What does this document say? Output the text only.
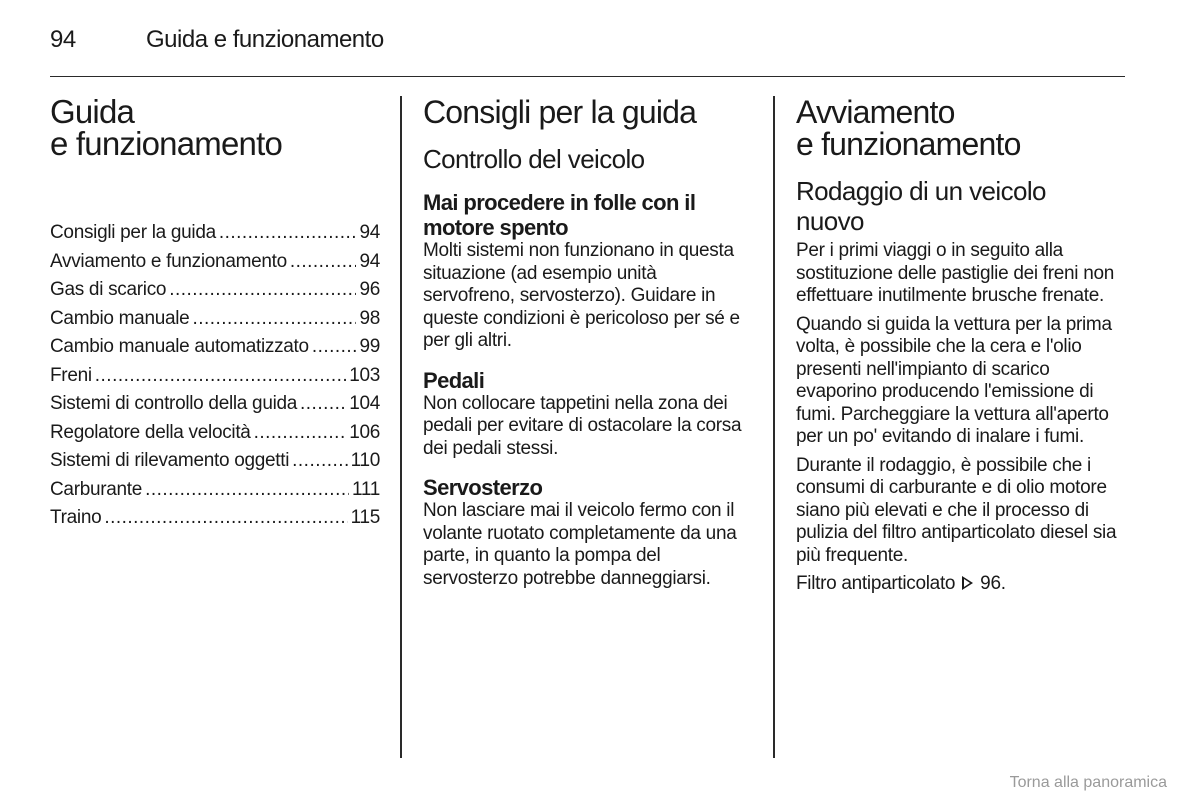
94	Guida e funzionamento
Guida
e funzionamento
Consigli per la guida . . .	94
Avviamento e funzionamento . . .	94
Gas di scarico . . .	96
Cambio manuale . . .	98
Cambio manuale automatizzato . . .	99
Freni . . .	103
Sistemi di controllo della guida . . .	104
Regolatore della velocità . . .	106
Sistemi di rilevamento oggetti . . .	110
Carburante . . .	111
Traino . . .	115
Consigli per la guida
Controllo del veicolo
Mai procedere in folle con il motore spento

Molti sistemi non funzionano in questa situazione (ad esempio unità servofreno, servosterzo). Guidare in queste condizioni è pericoloso per sé e per gli altri.

Pedali

Non collocare tappetini nella zona dei pedali per evitare di ostacolare la corsa dei pedali stessi.

Servosterzo

Non lasciare mai il veicolo fermo con il volante ruotato completamente da una parte, in quanto la pompa del servosterzo potrebbe danneggiarsi.

Avviamento
e funzionamento
Rodaggio di un veicolo nuovo

Per i primi viaggi o in seguito alla sostituzione delle pastiglie dei freni non effettuare inutilmente brusche frenate.

Quando si guida la vettura per la prima volta, è possibile che la cera e l'olio presenti nell'impianto di scarico evaporino producendo l'emissione di fumi. Parcheggiare la vettura all'aperto per un po' evitando di inalare i fumi.

Durante il rodaggio, è possibile che i consumi di carburante e di olio motore siano più elevati e che il processo di pulizia del filtro antiparticolato diesel sia più frequente.

Filtro antiparticolato 96.

Torna alla panoramica
